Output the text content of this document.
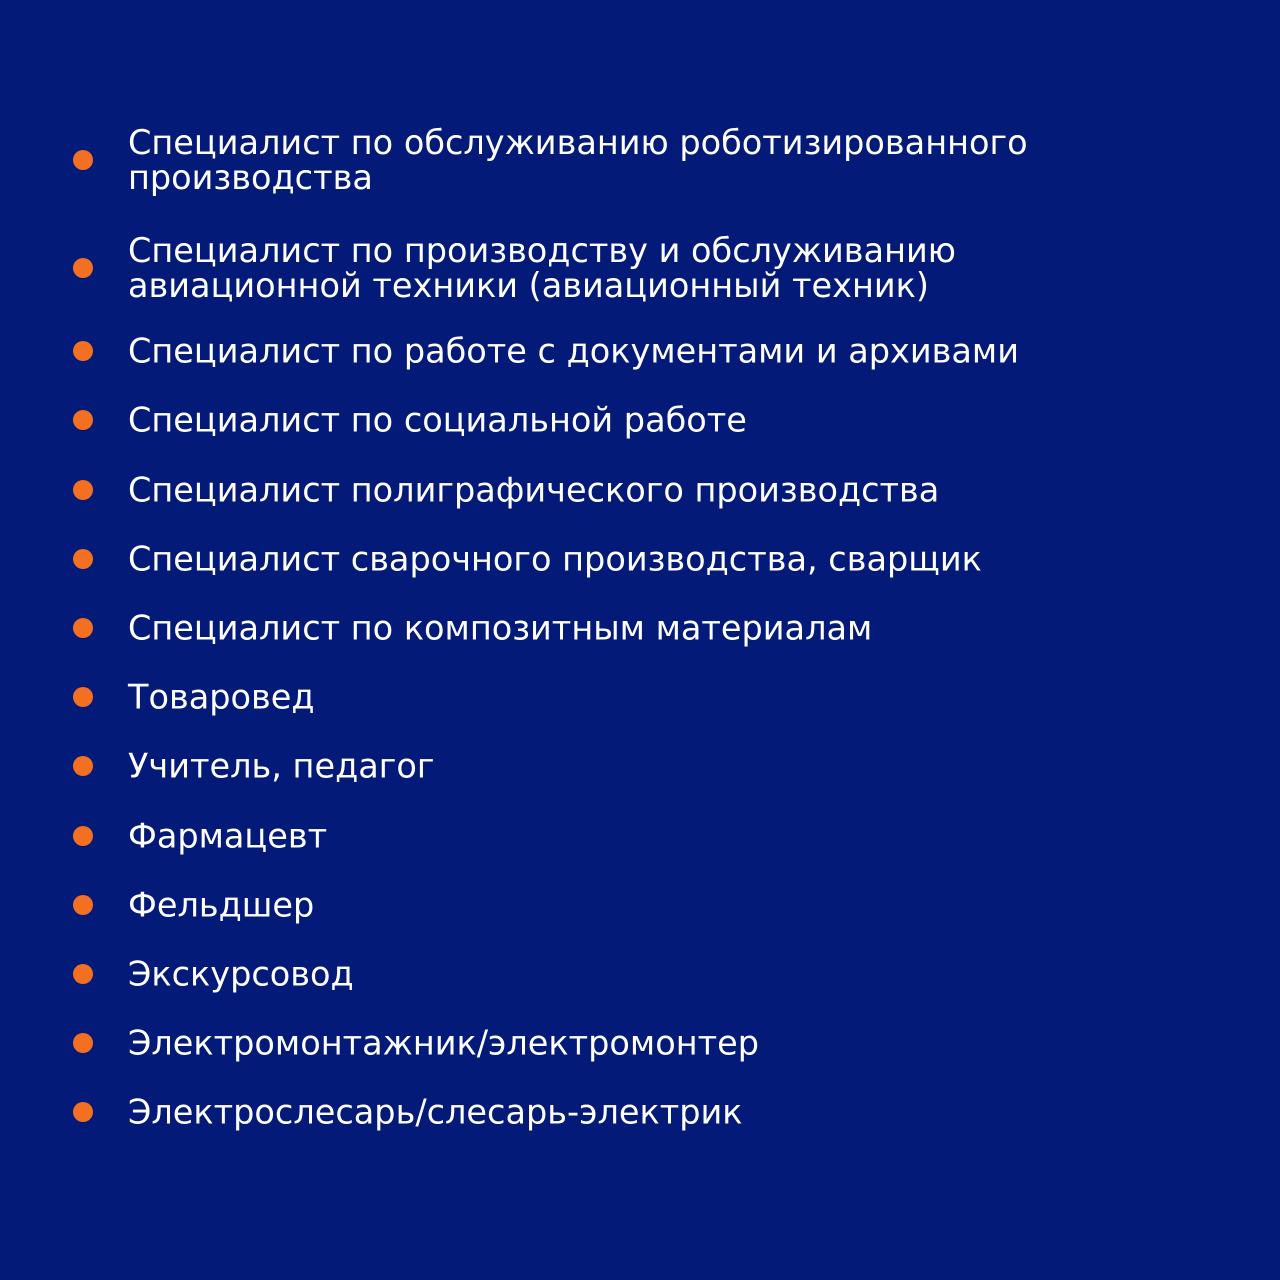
Специалист по обслуживанию роботизированного
производства
Специалист по производству и обслуживанию
авиационной техники (авиационный техник)
Специалист по работе с документами и архивами
Специалист по социальной работе
Специалист полиграфического производства
Специалист сварочного производства, сварщик
Специалист по композитным материалам
Товаровед
Учитель, педагог
Фармацевт
Фельдшер
Экскурсовод
Электромонтажник/электромонтер
Электрослесарь/слесарь-электрик
